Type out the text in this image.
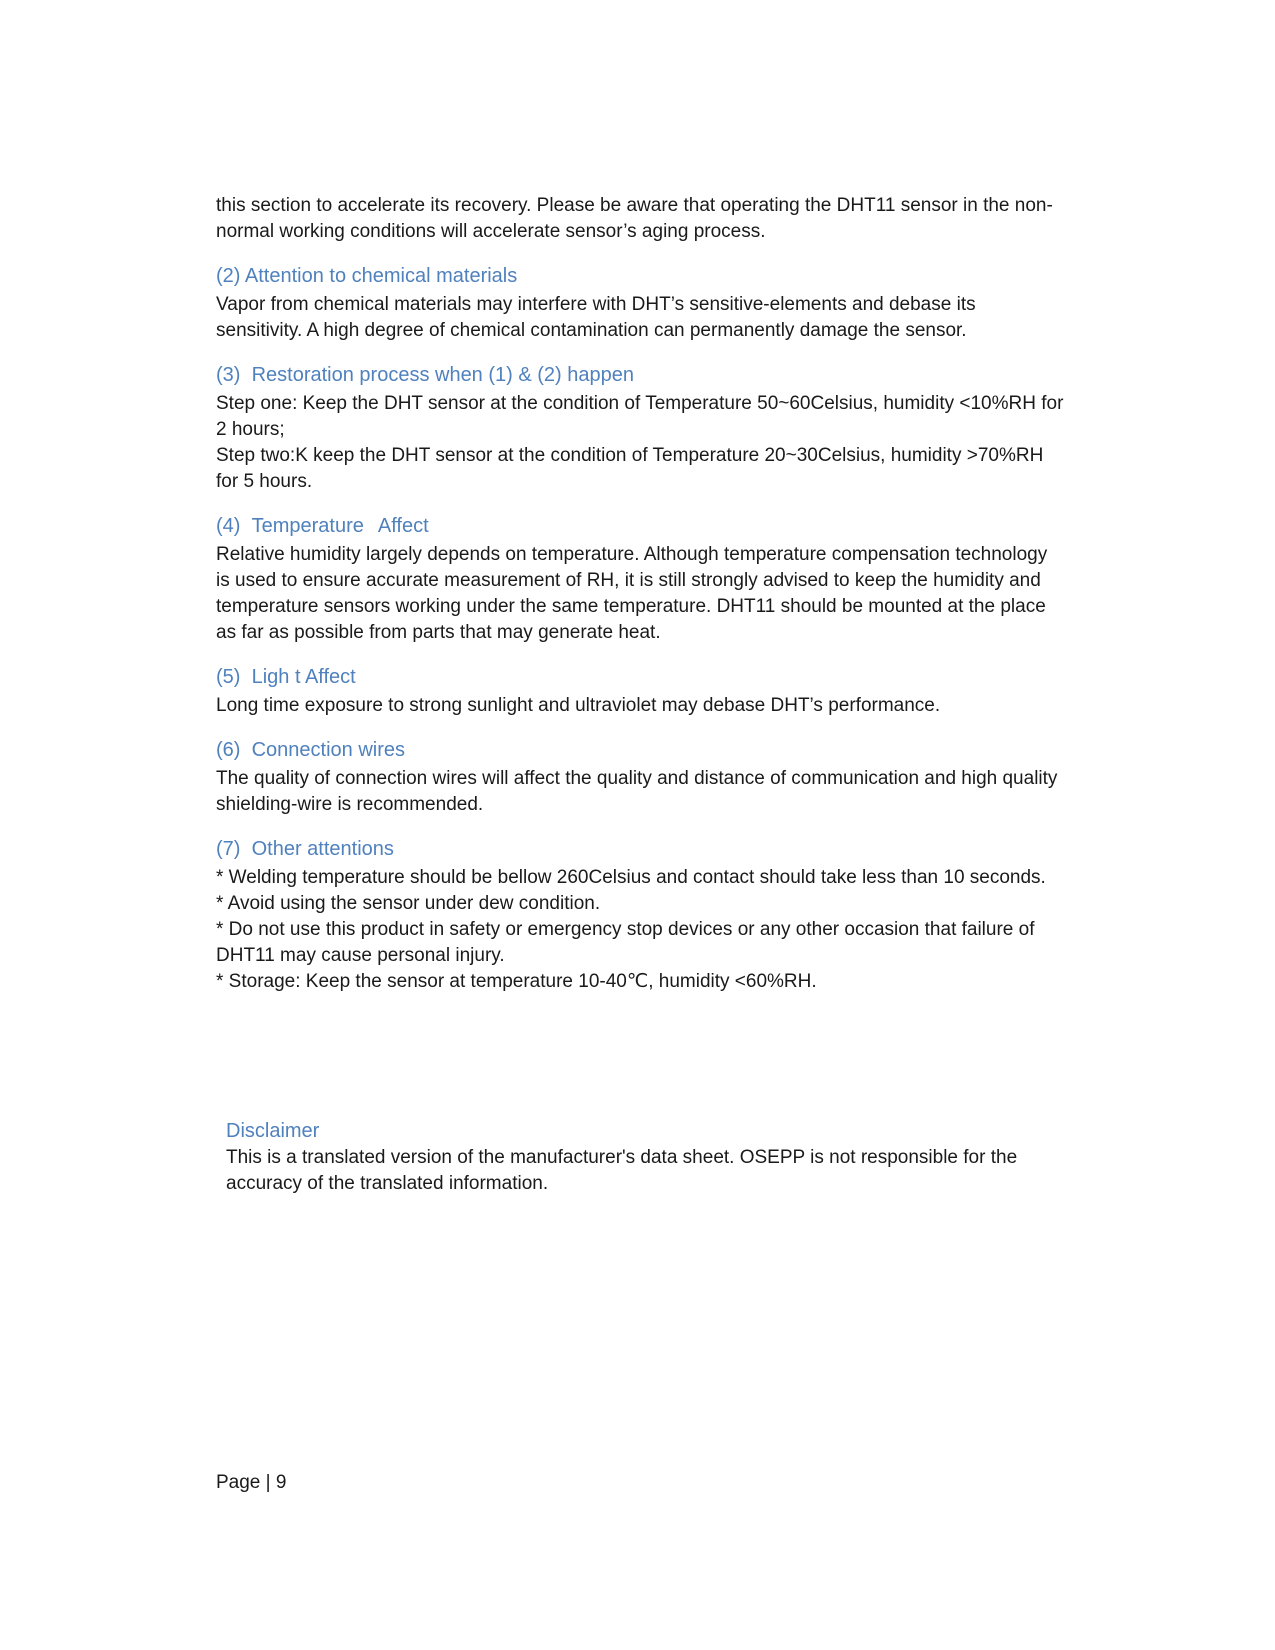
this section to accelerate its recovery. Please be aware that operating the DHT11 sensor in the non-normal working conditions will accelerate sensor’s aging process.

(2) Attention to chemical materials

Vapor from chemical materials may interfere with DHT’s sensitive-elements and debase its sensitivity. A high degree of chemical contamination can permanently damage the sensor.

(3) Restoration process when (1) & (2) happen

Step one: Keep the DHT sensor at the condition of Temperature 50~60Celsius, humidity <10%RH for 2 hours;

Step two:K keep the DHT sensor at the condition of Temperature 20~30Celsius, humidity >70%RH for 5 hours.

(4) Temperature Affect

Relative humidity largely depends on temperature. Although temperature compensation technology is used to ensure accurate measurement of RH, it is still strongly advised to keep the humidity and temperature sensors working under the same temperature. DHT11 should be mounted at the place as far as possible from parts that may generate heat.

(5) Ligh t Affect

Long time exposure to strong sunlight and ultraviolet may debase DHT’s performance.

(6) Connection wires

The quality of connection wires will affect the quality and distance of communication and high quality shielding-wire is recommended.

(7) Other attentions

* Welding temperature should be bellow 260Celsius and contact should take less than 10 seconds.

* Avoid using the sensor under dew condition.

* Do not use this product in safety or emergency stop devices or any other occasion that failure of DHT11 may cause personal injury.

* Storage: Keep the sensor at temperature 10-40℃, humidity <60%RH.

Disclaimer

This is a translated version of the manufacturer's data sheet. OSEPP is not responsible for the accuracy of the translated information.

Page | 9
